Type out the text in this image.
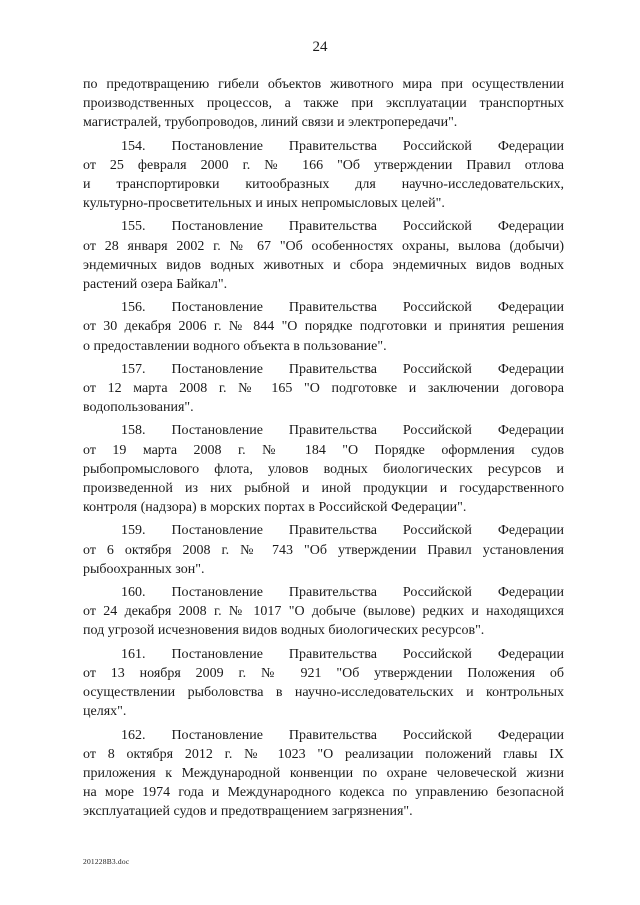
24

по предотвращению гибели объектов животного мира при осуществлении
производственных процессов, а также при эксплуатации транспортных
магистралей, трубопроводов, линий связи и электропередачи".

154. Постановление Правительства Российской Федерации
от 25 февраля 2000 г. № 166 "Об утверждении Правил отлова
и транспортировки китообразных для научно-исследовательских,
культурно-просветительных и иных непромысловых целей".

155. Постановление Правительства Российской Федерации
от 28 января 2002 г. № 67 "Об особенностях охраны, вылова (добычи)
эндемичных видов водных животных и сбора эндемичных видов водных
растений озера Байкал".

156. Постановление Правительства Российской Федерации
от 30 декабря 2006 г. № 844 "О порядке подготовки и принятия решения
о предоставлении водного объекта в пользование".

157. Постановление Правительства Российской Федерации
от 12 марта 2008 г. № 165 "О подготовке и заключении договора
водопользования".

158. Постановление Правительства Российской Федерации
от 19 марта 2008 г. № 184 "О Порядке оформления судов
рыбопромыслового флота, уловов водных биологических ресурсов и
произведенной из них рыбной и иной продукции и государственного
контроля (надзора) в морских портах в Российской Федерации".

159. Постановление Правительства Российской Федерации
от 6 октября 2008 г. № 743 "Об утверждении Правил установления
рыбоохранных зон".

160. Постановление Правительства Российской Федерации
от 24 декабря 2008 г. № 1017 "О добыче (вылове) редких и находящихся
под угрозой исчезновения видов водных биологических ресурсов".

161. Постановление Правительства Российской Федерации
от 13 ноября 2009 г. № 921 "Об утверждении Положения об
осуществлении рыболовства в научно-исследовательских и контрольных
целях".

162. Постановление Правительства Российской Федерации
от 8 октября 2012 г. № 1023 "О реализации положений главы IX
приложения к Международной конвенции по охране человеческой жизни
на море 1974 года и Международного кодекса по управлению безопасной
эксплуатацией судов и предотвращением загрязнения".

201228B3.doc
